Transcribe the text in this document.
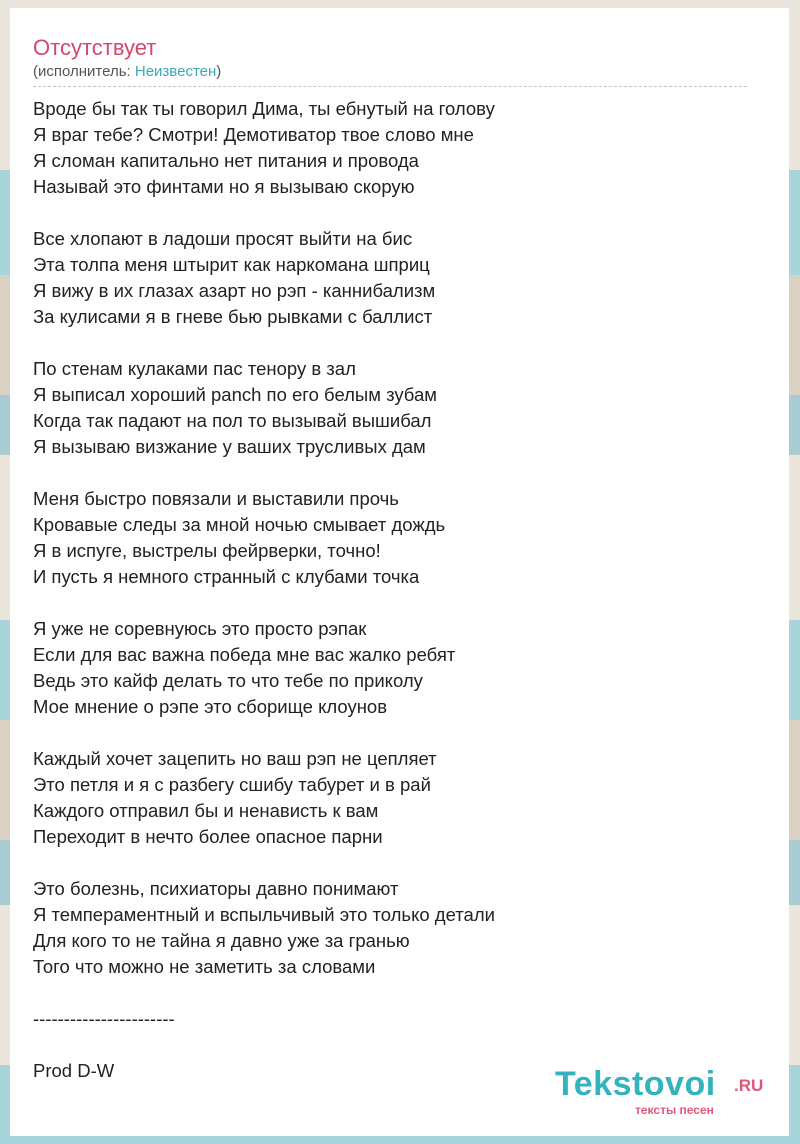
Отсутствует
(исполнитель: Неизвестен)
Вроде бы так ты говорил Дима, ты ебнутый на голову
Я враг тебе? Смотри! Демотиватор твое слово мне
Я сломан капитально нет питания и провода
Называй это финтами но я вызываю скорую
Все хлопают в ладоши просят выйти на бис
Эта толпа меня штырит как наркомана шприц
Я вижу в их глазах азарт но рэп - каннибализм
За кулисами я в гневе бью рывками с баллист
По стенам кулаками пас тенору в зал
Я выписал хороший panch по его белым зубам
Когда так падают на пол то вызывай вышибал
Я вызываю визжание у ваших трусливых дам
Меня быстро повязали и выставили прочь
Кровавые следы за мной ночью смывает дождь
Я в испуге, выстрелы фейрверки, точно!
И пусть я немного странный с клубами точка
Я уже не соревнуюсь это просто рэпак
Если для вас важна победа мне вас жалко ребят
Ведь это кайф делать то что тебе по приколу
Мое мнение о рэпе это сборище клоунов
Каждый хочет зацепить но ваш рэп не цепляет
Это петля и я с разбегу сшибу табурет и в рай
Каждого отправил бы и ненависть к вам
Переходит в нечто более опасное парни
Это болезнь, психиаторы давно понимают
Я темпераментный и вспыльчивый это только детали
Для кого то не тайна я давно уже за гранью
Того что можно не заметить за словами
-----------------------
Prod D-W	Tekstovoi .RU
тексты песен
